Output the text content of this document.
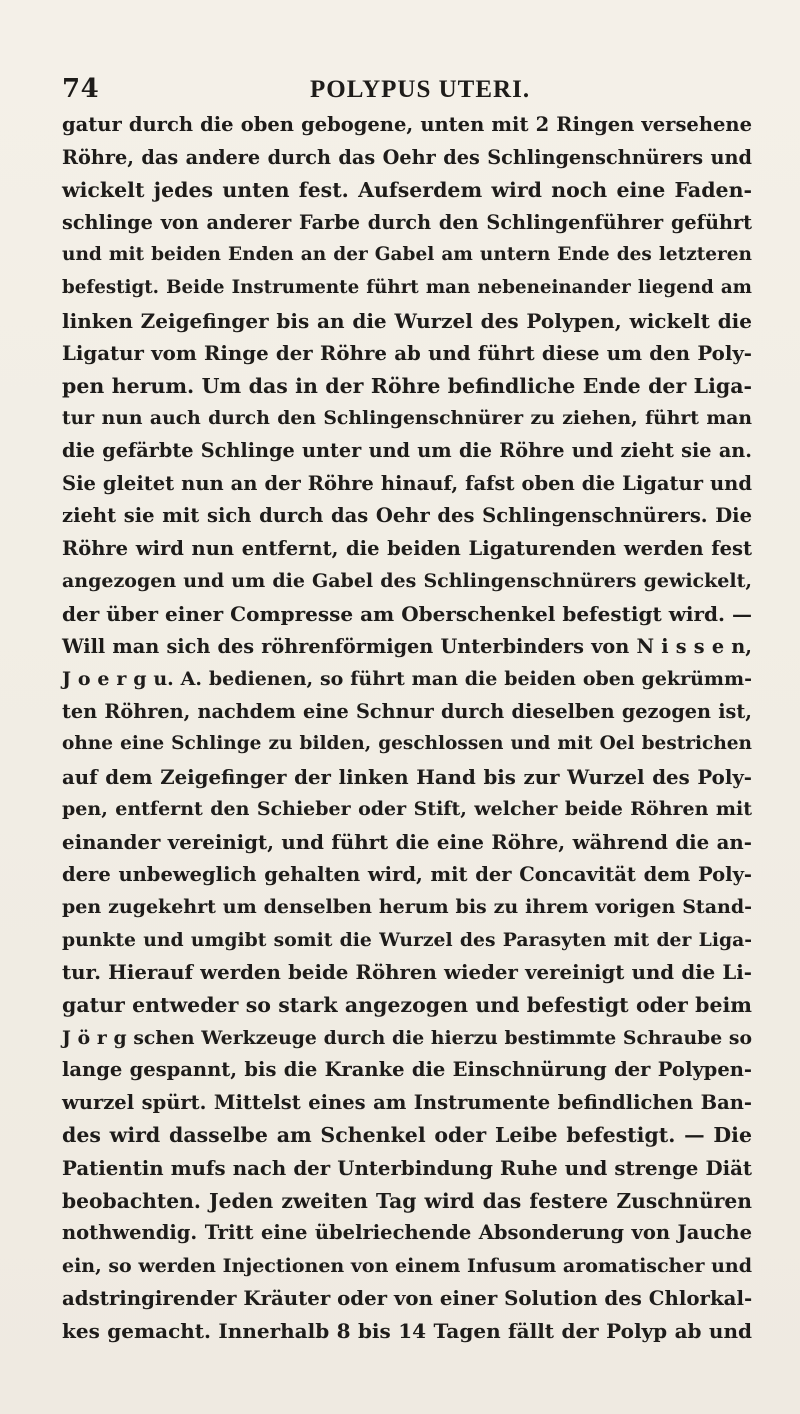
74	POLYPUS UTERI.
gatur durch die oben gebogene, unten mit 2 Ringen versehene
Röhre, das andere durch das Oehr des Schlingenschnürers und
wickelt jedes unten fest. Aufserdem wird noch eine Faden-
schlinge von anderer Farbe durch den Schlingenführer geführt
und mit beiden Enden an der Gabel am untern Ende des letzteren
befestigt. Beide Instrumente führt man nebeneinander liegend am
linken Zeigefinger bis an die Wurzel des Polypen, wickelt die
Ligatur vom Ringe der Röhre ab und führt diese um den Poly-
pen herum. Um das in der Röhre befindliche Ende der Liga-
tur nun auch durch den Schlingenschnürer zu ziehen, führt man
die gefärbte Schlinge unter und um die Röhre und zieht sie an.
Sie gleitet nun an der Röhre hinauf, fafst oben die Ligatur und
zieht sie mit sich durch das Oehr des Schlingenschnürers. Die
Röhre wird nun entfernt, die beiden Ligaturenden werden fest
angezogen und um die Gabel des Schlingenschnürers gewickelt,
der über einer Compresse am Oberschenkel befestigt wird. —
Will man sich des röhrenförmigen Unterbinders von N i s s e n,
J o e r g u. A. bedienen, so führt man die beiden oben gekrümm-
ten Röhren, nachdem eine Schnur durch dieselben gezogen ist,
ohne eine Schlinge zu bilden, geschlossen und mit Oel bestrichen
auf dem Zeigefinger der linken Hand bis zur Wurzel des Poly-
pen, entfernt den Schieber oder Stift, welcher beide Röhren mit
einander vereinigt, und führt die eine Röhre, während die an-
dere unbeweglich gehalten wird, mit der Concavität dem Poly-
pen zugekehrt um denselben herum bis zu ihrem vorigen Stand-
punkte und umgibt somit die Wurzel des Parasyten mit der Liga-
tur. Hierauf werden beide Röhren wieder vereinigt und die Li-
gatur entweder so stark angezogen und befestigt oder beim
J ö r g schen Werkzeuge durch die hierzu bestimmte Schraube so
lange gespannt, bis die Kranke die Einschnürung der Polypen-
wurzel spürt. Mittelst eines am Instrumente befindlichen Ban-
des wird dasselbe am Schenkel oder Leibe befestigt. — Die
Patientin mufs nach der Unterbindung Ruhe und strenge Diät
beobachten. Jeden zweiten Tag wird das festere Zuschnüren
nothwendig. Tritt eine übelriechende Absonderung von Jauche
ein, so werden Injectionen von einem Infusum aromatischer und
adstringirender Kräuter oder von einer Solution des Chlorkal-
kes gemacht. Innerhalb 8 bis 14 Tagen fällt der Polyp ab und
